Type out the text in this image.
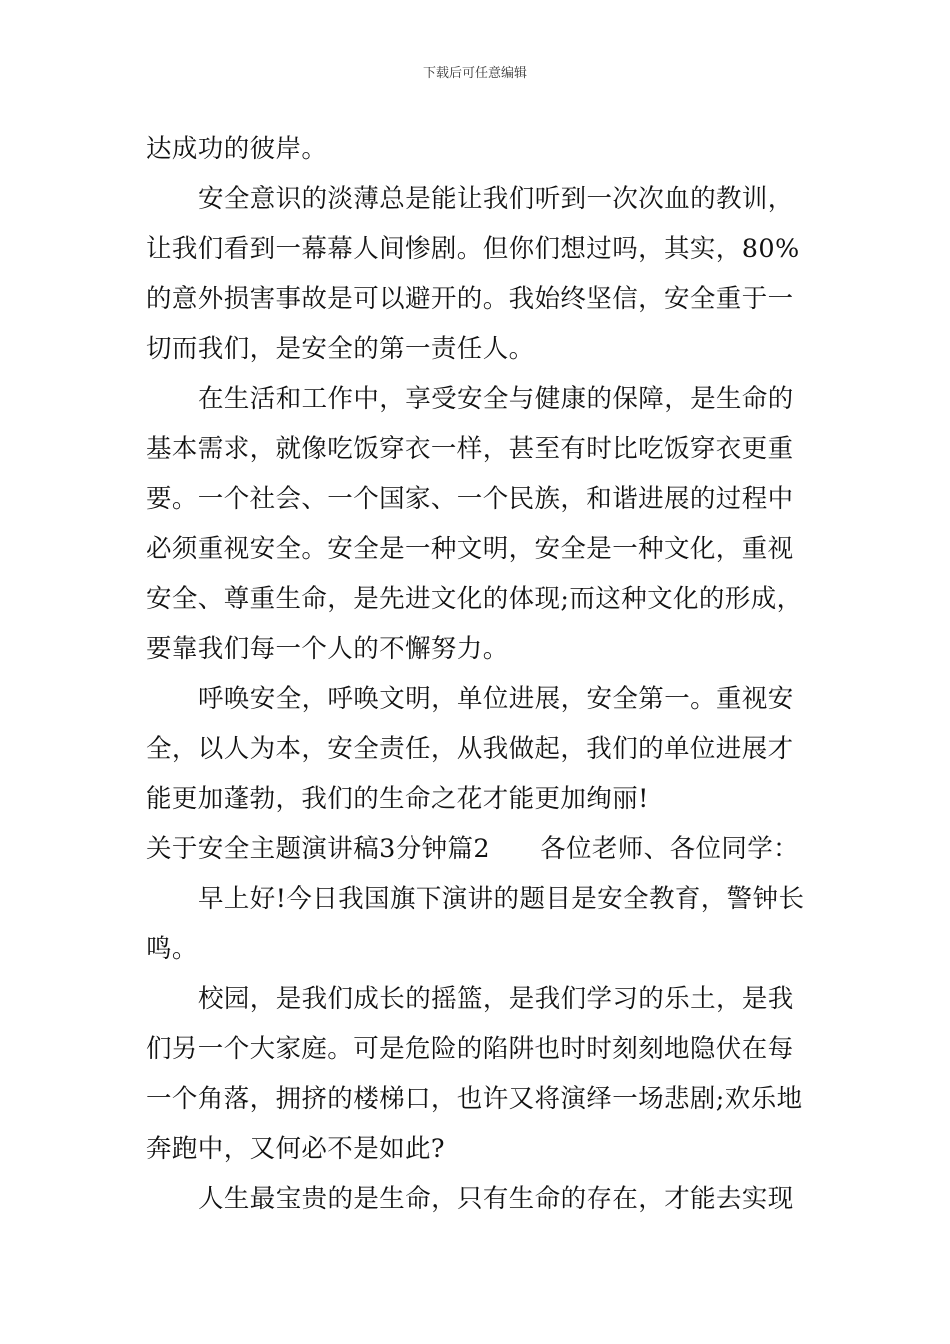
下载后可任意编辑

达成功的彼岸。

安全意识的淡薄总是能让我们听到一次次血的教训，让我们看到一幕幕人间惨剧。但你们想过吗，其实，80%的意外损害事故是可以避开的。我始终坚信，安全重于一切而我们，是安全的第一责任人。

在生活和工作中，享受安全与健康的保障，是生命的基本需求，就像吃饭穿衣一样，甚至有时比吃饭穿衣更重要。一个社会、一个国家、一个民族，和谐进展的过程中必须重视安全。安全是一种文明，安全是一种文化，重视安全、尊重生命，是先进文化的体现;而这种文化的形成，要靠我们每一个人的不懈努力。

呼唤安全，呼唤文明，单位进展，安全第一。重视安全，以人为本，安全责任，从我做起，我们的单位进展才能更加蓬勃，我们的生命之花才能更加绚丽!

关于安全主题演讲稿3分钟篇2 各位老师、各位同学：

早上好!今日我国旗下演讲的题目是安全教育，警钟长鸣。

校园，是我们成长的摇篮，是我们学习的乐土，是我们另一个大家庭。可是危险的陷阱也时时刻刻地隐伏在每一个角落，拥挤的楼梯口，也许又将演绎一场悲剧;欢乐地奔跑中，又何必不是如此?

人生最宝贵的是生命，只有生命的存在，才能去实现
